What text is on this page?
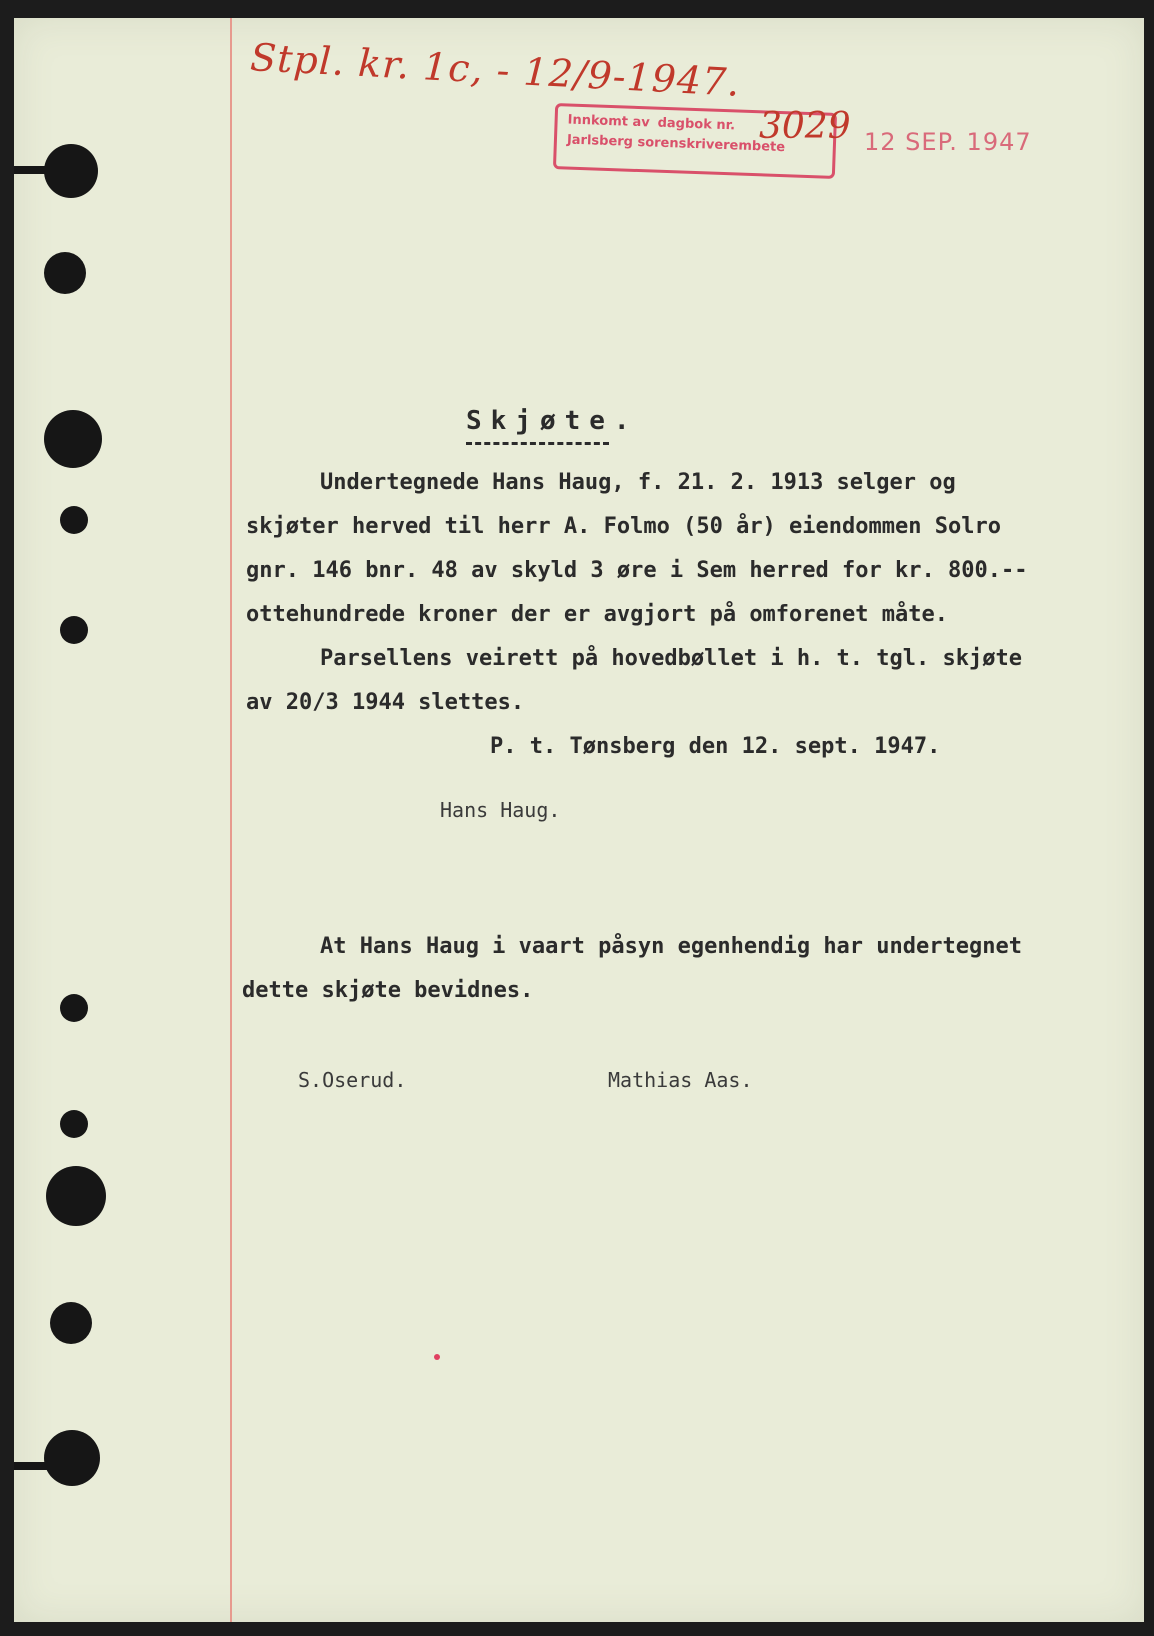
Stpl. kr. 1c, - 12/9-1947.
Innkomt av dagbok nr.
Jarlsberg sorenskriverembete
3029 12 SEP. 1947
Skjøte.
Undertegnede Hans Haug, f. 21. 2. 1913 selger og
skjøter herved til herr A. Folmo (50 år) eiendommen Solro
gnr. 146 bnr. 48 av skyld 3 øre i Sem herred for kr. 800.--
ottehundrede kroner der er avgjort på omforenet måte.
Parsellens veirett på hovedbøllet i h. t. tgl. skjøte
av 20/3 1944 slettes.
P. t. Tønsberg den 12. sept. 1947.
Hans Haug.
At Hans Haug i vaart påsyn egenhendig har undertegnet
dette skjøte bevidnes.
S.Oserud.	Mathias Aas.
